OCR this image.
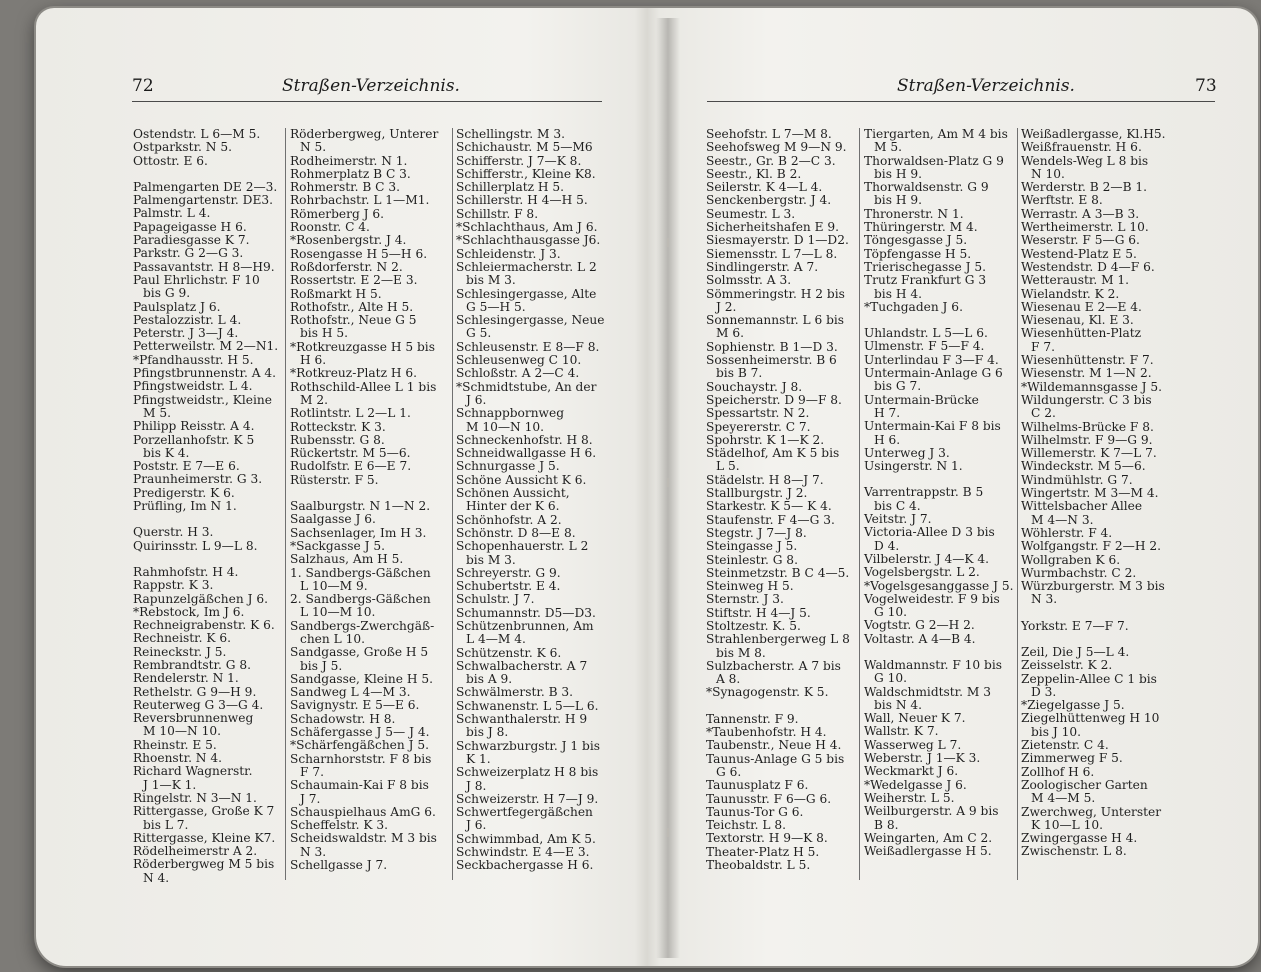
72	Straßen-Verzeichnis.
Ostendstr. L 6—M 5.
Ostparkstr. N 5.
Ottostr. E 6.
Palmengarten DE 2—3.
Palmengartenstr. DE3.
Palmstr. L 4.
Papageigasse H 6.
Paradiesgasse K 7.
Parkstr. G 2—G 3.
Passavantstr. H 8—H9.
Paul Ehrlichstr. F 10
bis G 9.
Paulsplatz J 6.
Pestalozzistr. L 4.
Peterstr. J 3—J 4.
Petterweilstr. M 2—N1.
*Pfandhausstr. H 5.
Pfingstbrunnenstr. A 4.
Pfingstweidstr. L 4.
Pfingstweidstr., Kleine
M 5.
Philipp Reisstr. A 4.
Porzellanhofstr. K 5
bis K 4.
Poststr. E 7—E 6.
Praunheimerstr. G 3.
Predigerstr. K 6.
Prüfling, Im N 1.
Querstr. H 3.
Quirinsstr. L 9—L 8.
Rahmhofstr. H 4.
Rappstr. K 3.
Rapunzelgäßchen J 6.
*Rebstock, Im J 6.
Rechneigrabenstr. K 6.
Rechneistr. K 6.
Reineckstr. J 5.
Rembrandtstr. G 8.
Rendelerstr. N 1.
Rethelstr. G 9—H 9.
Reuterweg G 3—G 4.
Reversbrunnenweg
M 10—N 10.
Rheinstr. E 5.
Rhoenstr. N 4.
Richard Wagnerstr.
J 1—K 1.
Ringelstr. N 3—N 1.
Rittergasse, Große K 7
bis L 7.
Rittergasse, Kleine K7.
Rödelheimerstr A 2.
Röderbergweg M 5 bis
N 4.
Röderbergweg, Unterer
N 5.
Rodheimerstr. N 1.
Rohmerplatz B C 3.
Rohmerstr. B C 3.
Rohrbachstr. L 1—M1.
Römerberg J 6.
Roonstr. C 4.
*Rosenbergstr. J 4.
Rosengasse H 5—H 6.
Roßdorferstr. N 2.
Rossertstr. E 2—E 3.
Roßmarkt H 5.
Rothofstr., Alte H 5.
Rothofstr., Neue G 5
bis H 5.
*Rotkreuzgasse H 5 bis
H 6.
*Rotkreuz-Platz H 6.
Rothschild-Allee L 1 bis
M 2.
Rotlintstr. L 2—L 1.
Rotteckstr. K 3.
Rubensstr. G 8.
Rückertstr. M 5—6.
Rudolfstr. E 6—E 7.
Rüsterstr. F 5.
Saalburgstr. N 1—N 2.
Saalgasse J 6.
Sachsenlager, Im H 3.
*Sackgasse J 5.
Salzhaus, Am H 5.
1. Sandbergs-Gäßchen
L 10—M 9.
2. Sandbergs-Gäßchen
L 10—M 10.
Sandbergs-Zwerchgäß-
chen L 10.
Sandgasse, Große H 5
bis J 5.
Sandgasse, Kleine H 5.
Sandweg L 4—M 3.
Savignystr. E 5—E 6.
Schadowstr. H 8.
Schäfergasse J 5— J 4.
*Schärfengäßchen J 5.
Scharnhorststr. F 8 bis
F 7.
Schaumain-Kai F 8 bis
J 7.
Schauspielhaus AmG 6.
Scheffelstr. K 3.
Scheidswaldstr. M 3 bis
N 3.
Schellgasse J 7.
Schellingstr. M 3.
Schichaustr. M 5—M6
Schifferstr. J 7—K 8.
Schifferstr., Kleine K8.
Schillerplatz H 5.
Schillerstr. H 4—H 5.
Schillstr. F 8.
*Schlachthaus, Am J 6.
*Schlachthausgasse J6.
Schleidenstr. J 3.
Schleiermacherstr. L 2
bis M 3.
Schlesingergasse, Alte
G 5—H 5.
Schlesingergasse, Neue
G 5.
Schleusenstr. E 8—F 8.
Schleusenweg C 10.
Schloßstr. A 2—C 4.
*Schmidtstube, An der
J 6.
Schnappbornweg
M 10—N 10.
Schneckenhofstr. H 8.
Schneidwallgasse H 6.
Schnurgasse J 5.
Schöne Aussicht K 6.
Schönen Aussicht,
Hinter der K 6.
Schönhofstr. A 2.
Schönstr. D 8—E 8.
Schopenhauerstr. L 2
bis M 3.
Schreyerstr. G 9.
Schubertstr. E 4.
Schulstr. J 7.
Schumannstr. D5—D3.
Schützenbrunnen, Am
L 4—M 4.
Schützenstr. K 6.
Schwalbacherstr. A 7
bis A 9.
Schwälmerstr. B 3.
Schwanenstr. L 5—L 6.
Schwanthalerstr. H 9
bis J 8.
Schwarzburgstr. J 1 bis
K 1.
Schweizerplatz H 8 bis
J 8.
Schweizerstr. H 7—J 9.
Schwertfegergäßchen
J 6.
Schwimmbad, Am K 5.
Schwindstr. E 4—E 3.
Seckbachergasse H 6.
Straßen-Verzeichnis.	73
Seehofstr. L 7—M 8.
Seehofsweg M 9—N 9.
Seestr., Gr. B 2—C 3.
Seestr., Kl. B 2.
Seilerstr. K 4—L 4.
Senckenbergstr. J 4.
Seumestr. L 3.
Sicherheitshafen E 9.
Siesmayerstr. D 1—D2.
Siemensstr. L 7—L 8.
Sindlingerstr. A 7.
Solmsstr. A 3.
Sömmeringstr. H 2 bis
J 2.
Sonnemannstr. L 6 bis
M 6.
Sophienstr. B 1—D 3.
Sossenheimerstr. B 6
bis B 7.
Souchaystr. J 8.
Speicherstr. D 9—F 8.
Spessartstr. N 2.
Speyererstr. C 7.
Spohrstr. K 1—K 2.
Städelhof, Am K 5 bis
L 5.
Städelstr. H 8—J 7.
Stallburgstr. J 2.
Starkestr. K 5— K 4.
Staufenstr. F 4—G 3.
Stegstr. J 7—J 8.
Steingasse J 5.
Steinlestr. G 8.
Steinmetzstr. B C 4—5.
Steinweg H 5.
Sternstr. J 3.
Stiftstr. H 4—J 5.
Stoltzestr. K. 5.
Strahlenbergerweg L 8
bis M 8.
Sulzbacherstr. A 7 bis
A 8.
*Synagogenstr. K 5.
Tannenstr. F 9.
*Taubenhofstr. H 4.
Taubenstr., Neue H 4.
Taunus-Anlage G 5 bis
G 6.
Taunusplatz F 6.
Taunusstr. F 6—G 6.
Taunus-Tor G 6.
Teichstr. L 8.
Textorstr. H 9—K 8.
Theater-Platz H 5.
Theobaldstr. L 5.
Tiergarten, Am M 4 bis
M 5.
Thorwaldsen-Platz G 9
bis H 9.
Thorwaldsenstr. G 9
bis H 9.
Thronerstr. N 1.
Thüringerstr. M 4.
Töngesgasse J 5.
Töpfengasse H 5.
Trierischegasse J 5.
Trutz Frankfurt G 3
bis H 4.
*Tuchgaden J 6.
Uhlandstr. L 5—L 6.
Ulmenstr. F 5—F 4.
Unterlindau F 3—F 4.
Untermain-Anlage G 6
bis G 7.
Untermain-Brücke
H 7.
Untermain-Kai F 8 bis
H 6.
Unterweg J 3.
Usingerstr. N 1.
Varrentrappstr. B 5
bis C 4.
Veitstr. J 7.
Victoria-Allee D 3 bis
D 4.
Vilbelerstr. J 4—K 4.
Vogelsbergstr. L 2.
*Vogelsgesanggasse J 5.
Vogelweidestr. F 9 bis
G 10.
Vogtstr. G 2—H 2.
Voltastr. A 4—B 4.
Waldmannstr. F 10 bis
G 10.
Waldschmidtstr. M 3
bis N 4.
Wall, Neuer K 7.
Wallstr. K 7.
Wasserweg L 7.
Weberstr. J 1—K 3.
Weckmarkt J 6.
*Wedelgasse J 6.
Weiherstr. L 5.
Weilburgerstr. A 9 bis
B 8.
Weingarten, Am C 2.
Weißadlergasse H 5.
Weißadlergasse, Kl.H5.
Weißfrauenstr. H 6.
Wendels-Weg L 8 bis
N 10.
Werderstr. B 2—B 1.
Werftstr. E 8.
Werrastr. A 3—B 3.
Wertheimerstr. L 10.
Weserstr. F 5—G 6.
Westend-Platz E 5.
Westendstr. D 4—F 6.
Wetteraustr. M 1.
Wielandstr. K 2.
Wiesenau E 2—E 4.
Wiesenau, Kl. E 3.
Wiesenhütten-Platz
F 7.
Wiesenhüttenstr. F 7.
Wiesenstr. M 1—N 2.
*Wildemannsgasse J 5.
Wildungerstr. C 3 bis
C 2.
Wilhelms-Brücke F 8.
Wilhelmstr. F 9—G 9.
Willemerstr. K 7—L 7.
Windeckstr. M 5—6.
Windmühlstr. G 7.
Wingertstr. M 3—M 4.
Wittelsbacher Allee
M 4—N 3.
Wöhlerstr. F 4.
Wolfgangstr. F 2—H 2.
Wollgraben K 6.
Wurmbachstr. C 2.
Würzburgerstr. M 3 bis
N 3.
Yorkstr. E 7—F 7.
Zeil, Die J 5—L 4.
Zeisselstr. K 2.
Zeppelin-Allee C 1 bis
D 3.
*Ziegelgasse J 5.
Ziegelhüttenweg H 10
bis J 10.
Zietenstr. C 4.
Zimmerweg F 5.
Zollhof H 6.
Zoologischer Garten
M 4—M 5.
Zwerchweg, Unterster
K 10—L 10.
Zwingergasse H 4.
Zwischenstr. L 8.
